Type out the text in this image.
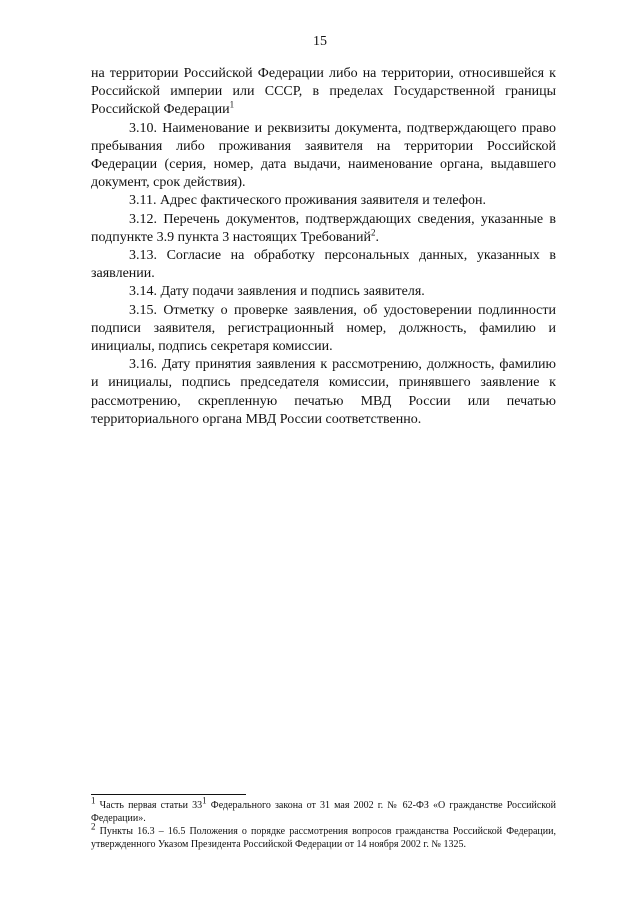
15

на территории Российской Федерации либо на территории, относившейся к Российской империи или СССР, в пределах Государственной границы Российской Федерации$^1$

3.10. Наименование и реквизиты документа, подтверждающего право пребывания либо проживания заявителя на территории Российской Федерации (серия, номер, дата выдачи, наименование органа, выдавшего документ, срок действия).

3.11. Адрес фактического проживания заявителя и телефон.

3.12. Перечень документов, подтверждающих сведения, указанные в подпункте 3.9 пункта 3 настоящих Требований$^2$.

3.13. Согласие на обработку персональных данных, указанных в заявлении.

3.14. Дату подачи заявления и подпись заявителя.

3.15. Отметку о проверке заявления, об удостоверении подлинности подписи заявителя, регистрационный номер, должность, фамилию и инициалы, подпись секретаря комиссии.

3.16. Дату принятия заявления к рассмотрению, должность, фамилию и инициалы, подпись председателя комиссии, принявшего заявление к рассмотрению, скрепленную печатью МВД России или печатью территориального органа МВД России соответственно.

$^1$ Часть первая статьи $33^1$ Федерального закона от 31 мая 2002 г. № 62-ФЗ «О гражданстве Российской Федерации».

$^2$ Пункты 16.3 – 16.5 Положения о порядке рассмотрения вопросов гражданства Российской Федерации, утвержденного Указом Президента Российской Федерации от 14 ноября 2002 г. № 1325.
